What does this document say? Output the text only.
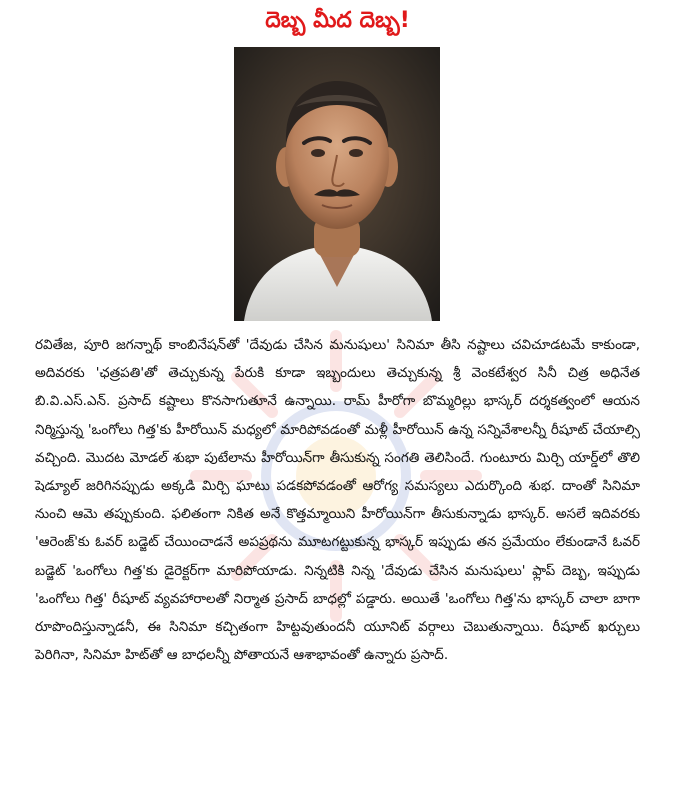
దెబ్బ మీద దెబ్బ!
రవితేజ, పూరి జగన్నాథ్ కాంబినేషన్‌తో 'దేవుడు చేసిన మనుషులు' సినిమా తీసి నష్టాలు చవిచూడటమే కాకుండా, అదివరకు 'ఛత్రపతి'తో తెచ్చుకున్న పేరుకి కూడా ఇబ్బందులు తెచ్చుకున్న శ్రీ వెంకటేశ్వర సినీ చిత్ర అధినేత బి.వి.ఎస్.ఎన్. ప్రసాద్ కష్టాలు కొనసాగుతూనే ఉన్నాయి. రామ్ హీరోగా బొమ్మరిల్లు భాస్కర్ దర్శకత్వంలో ఆయన నిర్మిస్తున్న 'ఒంగోలు గిత్త'కు హీరోయిన్ మధ్యలో మారిపోవడంతో మళ్లీ హీరోయిన్ ఉన్న సన్నివేశాలన్నీ రీషూట్ చేయాల్సి వచ్చింది. మొదట మోడల్ శుభా పుటేలాను హీరోయిన్‌గా తీసుకున్న సంగతి తెలిసిందే. గుంటూరు మిర్చి యార్డ్‌లో తొలి షెడ్యూల్ జరిగినప్పుడు అక్కడి మిర్చి ఘాటు పడకపోవడంతో ఆరోగ్య సమస్యలు ఎదుర్కొంది శుభ. దాంతో సినిమా నుంచి ఆమె తప్పుకుంది. ఫలితంగా నికిత అనే కొత్తమ్మాయిని హీరోయిన్‌గా తీసుకున్నాడు భాస్కర్. అసలే ఇదివరకు 'ఆరెంజ్'కు ఓవర్ బడ్జెట్ చేయించాడనే అపప్రథను మూటగట్టుకున్న భాస్కర్ ఇప్పుడు తన ప్రమేయం లేకుండానే ఓవర్ బడ్జెట్ 'ఒంగోలు గిత్త'కు డైరెక్టర్‌గా మారిపోయాడు. నిన్నటికి నిన్న 'దేవుడు చేసిన మనుషులు' ఫ్లాప్ దెబ్బ, ఇప్పుడు 'ఒంగోలు గిత్త' రీషూట్ వ్యవహారాలతో నిర్మాత ప్రసాద్ బాధల్లో పడ్డారు. అయితే 'ఒంగోలు గిత్త'ను భాస్కర్ చాలా బాగా రూపొందిస్తున్నాడనీ, ఈ సినిమా కచ్చితంగా హిట్టవుతుందనీ యూనిట్ వర్గాలు చెబుతున్నాయి. రీషూట్ ఖర్చులు పెరిగినా, సినిమా హిట్‌తో ఆ బాధలన్నీ పోతాయనే ఆశాభావంతో ఉన్నారు ప్రసాద్.
